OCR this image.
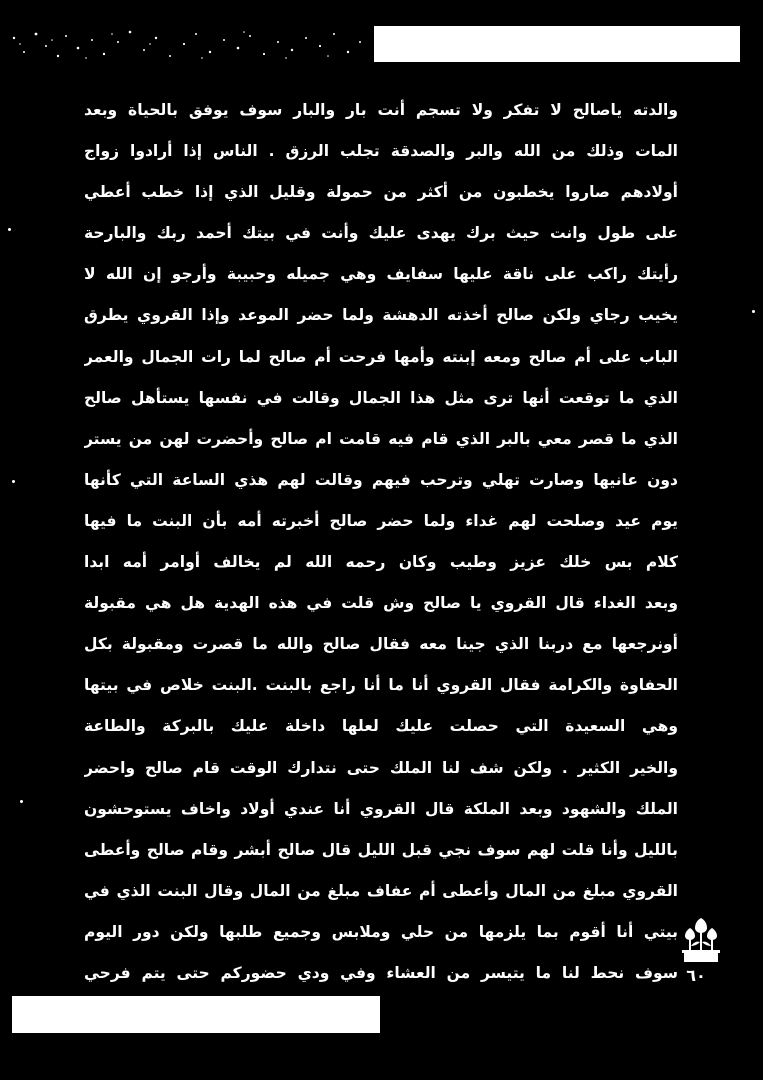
والدته ياصالح لا تفكر ولا تسجم أنت بار والبار سوف يوفق بالحياة وبعد
المات وذلك من الله والبر والصدقة تجلب الرزق . الناس إذا أرادوا زواج
أولادهم صاروا يخطبون من أكثر من حمولة وقليل الذي إذا خطب أعطي
على طول وانت حيث برك يهدى عليك وأنت في بيتك أحمد ربك والبارحة
رأيتك راكب على ناقة عليها سفايف وهي جميله وحبيبة وأرجو إن الله لا
يخيب رجاي ولكن صالح أخذته الدهشة ولما حضر الموعد وإذا القروي يطرق
الباب على أم صالح ومعه إبنته وأمها فرحت أم صالح لما رات الجمال والعمر
الذي ما توقعت أنها ترى مثل هذا الجمال وقالت في نفسها يستأهل صالح
الذي ما قصر معي بالبر الذي قام فيه قامت ام صالح وأحضرت لهن من يستر
دون عانيها وصارت تهلي وترحب فيهم وقالت لهم هذي الساعة التي كأنها
يوم عيد وصلحت لهم غداء ولما حضر صالح أخبرته أمه بأن البنت ما فيها
كلام بس خلك عزيز وطيب وكان رحمه الله لم يخالف أوامر أمه ابدا
وبعد الغداء قال القروي يا صالح وش قلت في هذه الهدية هل هي مقبولة
أونرجعها مع دربنا الذي جينا معه فقال صالح والله ما قصرت ومقبولة بكل
الحفاوة والكرامة فقال القروي أنا ما أنا راجع بالبنت .البنت خلاص في بيتها
وهي السعيدة التي حصلت عليك لعلها داخلة عليك بالبركة والطاعة
والخير الكثير . ولكن شف لنا الملك حتى نتدارك الوقت قام صالح واحضر
الملك والشهود وبعد الملكة قال القروي أنا عندي أولاد واخاف يستوحشون
بالليل وأنا قلت لهم سوف نجي قبل الليل قال صالح أبشر وقام صالح وأعطى
القروي مبلغ من المال وأعطى أم عفاف مبلغ من المال وقال البنت الذي في
بيتي أنا أقوم بما يلزمها من حلي وملابس وجميع طلبها ولكن دور اليوم
سوف نحط لنا ما يتيسر من العشاء وفي ودي حضوركم حتى يتم فرحي ٦٠
